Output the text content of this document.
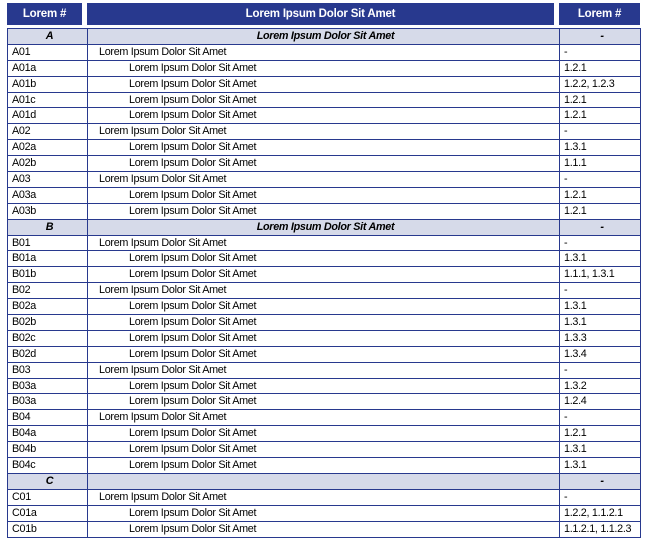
Lorem #	Lorem Ipsum Dolor Sit Amet	Lorem #
A	Lorem Ipsum Dolor Sit Amet	-
A01	Lorem Ipsum Dolor Sit Amet	-
A01a	Lorem Ipsum Dolor Sit Amet	1.2.1
A01b	Lorem Ipsum Dolor Sit Amet	1.2.2, 1.2.3
A01c	Lorem Ipsum Dolor Sit Amet	1.2.1
A01d	Lorem Ipsum Dolor Sit Amet	1.2.1
A02	Lorem Ipsum Dolor Sit Amet	-
A02a	Lorem Ipsum Dolor Sit Amet	1.3.1
A02b	Lorem Ipsum Dolor Sit Amet	1.1.1
A03	Lorem Ipsum Dolor Sit Amet	-
A03a	Lorem Ipsum Dolor Sit Amet	1.2.1
A03b	Lorem Ipsum Dolor Sit Amet	1.2.1
B	Lorem Ipsum Dolor Sit Amet	-
B01	Lorem Ipsum Dolor Sit Amet	-
B01a	Lorem Ipsum Dolor Sit Amet	1.3.1
B01b	Lorem Ipsum Dolor Sit Amet	1.1.1, 1.3.1
B02	Lorem Ipsum Dolor Sit Amet	-
B02a	Lorem Ipsum Dolor Sit Amet	1.3.1
B02b	Lorem Ipsum Dolor Sit Amet	1.3.1
B02c	Lorem Ipsum Dolor Sit Amet	1.3.3
B02d	Lorem Ipsum Dolor Sit Amet	1.3.4
B03	Lorem Ipsum Dolor Sit Amet	-
B03a	Lorem Ipsum Dolor Sit Amet	1.3.2
B03a	Lorem Ipsum Dolor Sit Amet	1.2.4
B04	Lorem Ipsum Dolor Sit Amet	-
B04a	Lorem Ipsum Dolor Sit Amet	1.2.1
B04b	Lorem Ipsum Dolor Sit Amet	1.3.1
B04c	Lorem Ipsum Dolor Sit Amet	1.3.1
C		-
C01	Lorem Ipsum Dolor Sit Amet	-
C01a	Lorem Ipsum Dolor Sit Amet	1.2.2, 1.1.2.1
C01b	Lorem Ipsum Dolor Sit Amet	1.1.2.1, 1.1.2.3
